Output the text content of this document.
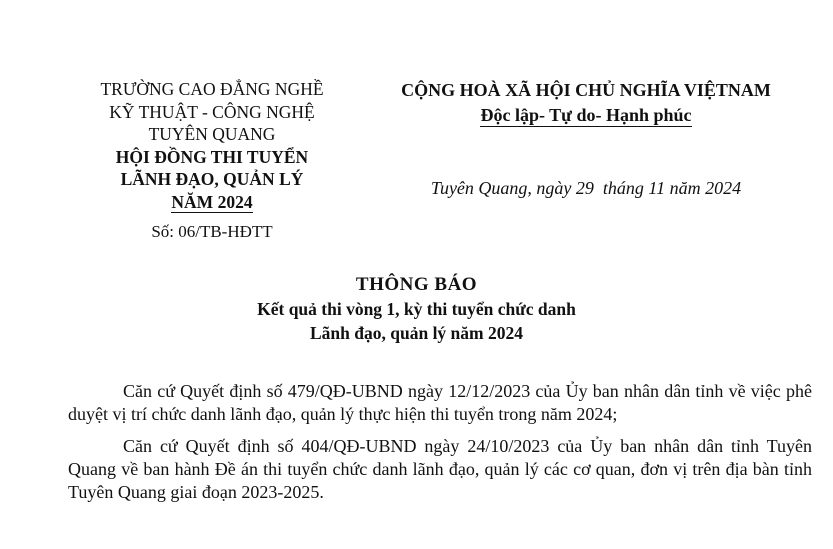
TRƯỜNG CAO ĐẲNG NGHỀ
KỸ THUẬT - CÔNG NGHỆ
TUYÊN QUANG
HỘI ĐỒNG THI TUYỂN
LÃNH ĐẠO, QUẢN LÝ
NĂM 2024
Số: 06/TB-HĐTT
CỘNG HOÀ XÃ HỘI CHỦ NGHĨA VIỆTNAM
Độc lập- Tự do- Hạnh phúc
Tuyên Quang, ngày 29  tháng 11 năm 2024
THÔNG BÁO
Kết quả thi vòng 1, kỳ thi tuyển chức danh
Lãnh đạo, quản lý năm 2024

Căn cứ Quyết định số 479/QĐ-UBND ngày 12/12/2023 của Ủy ban nhân dân tỉnh về việc phê duyệt vị trí chức danh lãnh đạo, quản lý thực hiện thi tuyển trong năm 2024;

Căn cứ Quyết định số 404/QĐ-UBND ngày 24/10/2023 của Ủy ban nhân dân tỉnh Tuyên Quang về ban hành Đề án thi tuyển chức danh lãnh đạo, quản lý các cơ quan, đơn vị trên địa bàn tỉnh Tuyên Quang giai đoạn 2023-2025.
